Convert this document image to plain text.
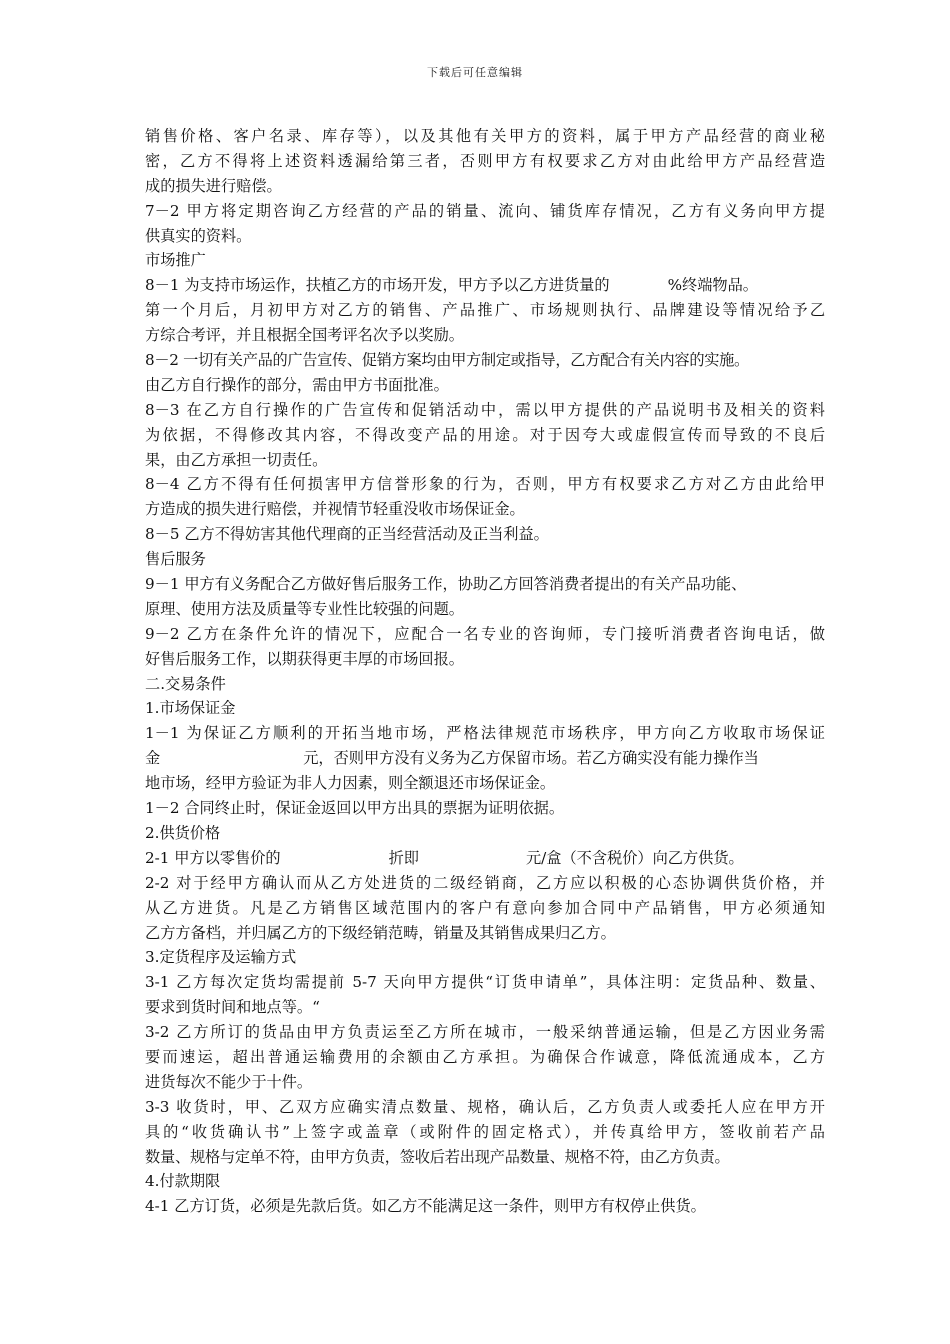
下载后可任意编辑
销售价格、客户名录、库存等），以及其他有关甲方的资料，属于甲方产品经营的商业秘
密，乙方不得将上述资料透漏给第三者，否则甲方有权要求乙方对由此给甲方产品经营造
成的损失进行赔偿。
7－2 甲方将定期咨询乙方经营的产品的销量、流向、铺货库存情况，乙方有义务向甲方提
供真实的资料。
市场推广
8－1 为支持市场运作，扶植乙方的市场开发，甲方予以乙方进货量的	%终端物品。
第一个月后，月初甲方对乙方的销售、产品推广、市场规则执行、品牌建设等情况给予乙
方综合考评，并且根据全国考评名次予以奖励。
8－2 一切有关产品的广告宣传、促销方案均由甲方制定或指导，乙方配合有关内容的实施。
由乙方自行操作的部分，需由甲方书面批准。
8－3 在乙方自行操作的广告宣传和促销活动中，需以甲方提供的产品说明书及相关的资料
为依据，不得修改其内容，不得改变产品的用途。对于因夸大或虚假宣传而导致的不良后
果，由乙方承担一切责任。
8－4 乙方不得有任何损害甲方信誉形象的行为，否则，甲方有权要求乙方对乙方由此给甲
方造成的损失进行赔偿，并视情节轻重没收市场保证金。
8－5 乙方不得妨害其他代理商的正当经营活动及正当利益。
售后服务
9－1 甲方有义务配合乙方做好售后服务工作，协助乙方回答消费者提出的有关产品功能、
原理、使用方法及质量等专业性比较强的问题。
9－2 乙方在条件允许的情况下，应配合一名专业的咨询师，专门接听消费者咨询电话，做
好售后服务工作，以期获得更丰厚的市场回报。
二.交易条件
1.市场保证金
1－1 为保证乙方顺利的开拓当地市场，严格法律规范市场秩序，甲方向乙方收取市场保证
金	元，否则甲方没有义务为乙方保留市场。若乙方确实没有能力操作当
地市场，经甲方验证为非人力因素，则全额退还市场保证金。
1－2 合同终止时，保证金返回以甲方出具的票据为证明依据。
2.供货价格
2-1 甲方以零售价的	折即	元/盒（不含税价）向乙方供货。
2-2 对于经甲方确认而从乙方处进货的二级经销商，乙方应以积极的心态协调供货价格，并
从乙方进货。凡是乙方销售区域范围内的客户有意向参加合同中产品销售，甲方必须通知
乙方方备档，并归属乙方的下级经销范畴，销量及其销售成果归乙方。
3.定货程序及运输方式
3-1 乙方每次定货均需提前 5-7 天向甲方提供“订货申请单”，具体注明：定货品种、数量、
要求到货时间和地点等。“
3-2 乙方所订的货品由甲方负责运至乙方所在城市，一般采纳普通运输，但是乙方因业务需
要而速运，超出普通运输费用的余额由乙方承担。为确保合作诚意，降低流通成本，乙方
进货每次不能少于十件。
3-3 收货时，甲、乙双方应确实清点数量、规格，确认后，乙方负责人或委托人应在甲方开
具的“收货确认书”上签字或盖章（或附件的固定格式），并传真给甲方，签收前若产品
数量、规格与定单不符，由甲方负责，签收后若出现产品数量、规格不符，由乙方负责。
4.付款期限
4-1 乙方订货，必须是先款后货。如乙方不能满足这一条件，则甲方有权停止供货。
